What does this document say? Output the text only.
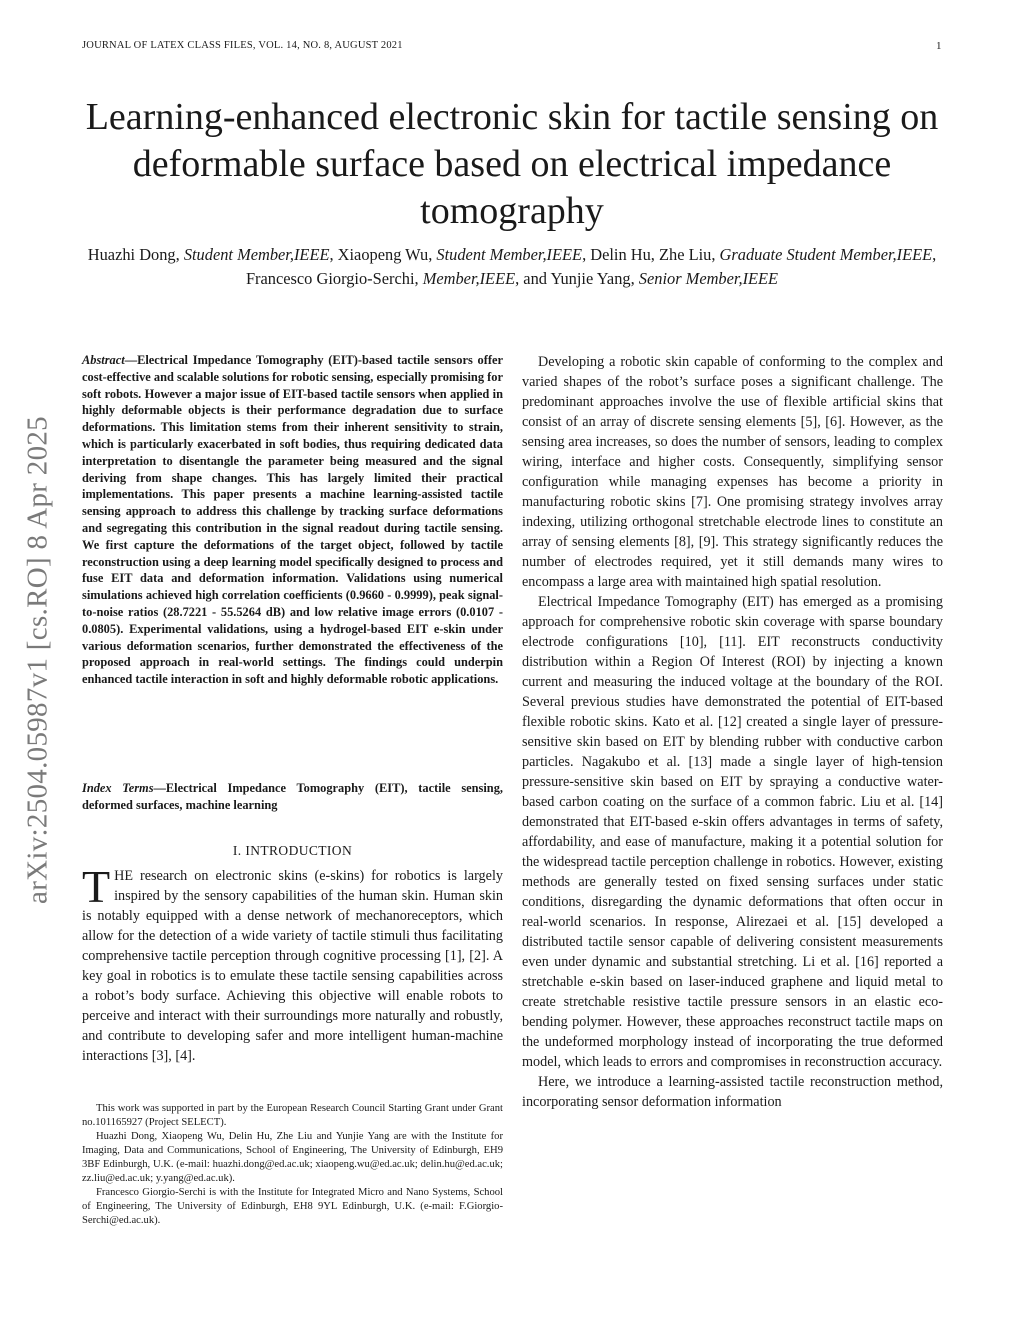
JOURNAL OF LATEX CLASS FILES, VOL. 14, NO. 8, AUGUST 2021	1
arXiv:2504.05987v1 [cs.RO] 8 Apr 2025
Learning-enhanced electronic skin for tactile sensing on deformable surface based on electrical impedance tomography
Huazhi Dong, Student Member,IEEE, Xiaopeng Wu, Student Member,IEEE, Delin Hu, Zhe Liu, Graduate Student Member,IEEE, Francesco Giorgio-Serchi, Member,IEEE, and Yunjie Yang, Senior Member,IEEE
Abstract—Electrical Impedance Tomography (EIT)-based tactile sensors offer cost-effective and scalable solutions for robotic sensing, especially promising for soft robots. However a major issue of EIT-based tactile sensors when applied in highly deformable objects is their performance degradation due to surface deformations. This limitation stems from their inherent sensitivity to strain, which is particularly exacerbated in soft bodies, thus requiring dedicated data interpretation to disentangle the parameter being measured and the signal deriving from shape changes. This has largely limited their practical implementations. This paper presents a machine learning-assisted tactile sensing approach to address this challenge by tracking surface deformations and segregating this contribution in the signal readout during tactile sensing. We first capture the deformations of the target object, followed by tactile reconstruction using a deep learning model specifically designed to process and fuse EIT data and deformation information. Validations using numerical simulations achieved high correlation coefficients (0.9660 - 0.9999), peak signal-to-noise ratios (28.7221 - 55.5264 dB) and low relative image errors (0.0107 - 0.0805). Experimental validations, using a hydrogel-based EIT e-skin under various deformation scenarios, further demonstrated the effectiveness of the proposed approach in real-world settings. The findings could underpin enhanced tactile interaction in soft and highly deformable robotic applications.
Index Terms—Electrical Impedance Tomography (EIT), tactile sensing, deformed surfaces, machine learning
I. INTRODUCTION

THE research on electronic skins (e-skins) for robotics is largely inspired by the sensory capabilities of the human skin. Human skin is notably equipped with a dense network of mechanoreceptors, which allow for the detection of a wide variety of tactile stimuli thus facilitating comprehensive tactile perception through cognitive processing [1], [2]. A key goal in robotics is to emulate these tactile sensing capabilities across a robot’s body surface. Achieving this objective will enable robots to perceive and interact with their surroundings more naturally and robustly, and contribute to developing safer and more intelligent human-machine interactions [3], [4].

This work was supported in part by the European Research Council Starting Grant under Grant no.101165927 (Project SELECT).

Huazhi Dong, Xiaopeng Wu, Delin Hu, Zhe Liu and Yunjie Yang are with the Institute for Imaging, Data and Communications, School of Engineering, The University of Edinburgh, EH9 3BF Edinburgh, U.K. (e-mail: huazhi.dong@ed.ac.uk; xiaopeng.wu@ed.ac.uk; delin.hu@ed.ac.uk; zz.liu@ed.ac.uk; y.yang@ed.ac.uk).

Francesco Giorgio-Serchi is with the Institute for Integrated Micro and Nano Systems, School of Engineering, The University of Edinburgh, EH8 9YL Edinburgh, U.K. (e-mail: F.Giorgio-Serchi@ed.ac.uk).

Developing a robotic skin capable of conforming to the complex and varied shapes of the robot’s surface poses a significant challenge. The predominant approaches involve the use of flexible artificial skins that consist of an array of discrete sensing elements [5], [6]. However, as the sensing area increases, so does the number of sensors, leading to complex wiring, interface and higher costs. Consequently, simplifying sensor configuration while managing expenses has become a priority in manufacturing robotic skins [7]. One promising strategy involves array indexing, utilizing orthogonal stretchable electrode lines to constitute an array of sensing elements [8], [9]. This strategy significantly reduces the number of electrodes required, yet it still demands many wires to encompass a large area with maintained high spatial resolution.

Electrical Impedance Tomography (EIT) has emerged as a promising approach for comprehensive robotic skin coverage with sparse boundary electrode configurations [10], [11]. EIT reconstructs conductivity distribution within a Region Of Interest (ROI) by injecting a known current and measuring the induced voltage at the boundary of the ROI. Several previous studies have demonstrated the potential of EIT-based flexible robotic skins. Kato et al. [12] created a single layer of pressure-sensitive skin based on EIT by blending rubber with conductive carbon particles. Nagakubo et al. [13] made a single layer of high-tension pressure-sensitive skin based on EIT by spraying a conductive water-based carbon coating on the surface of a common fabric. Liu et al. [14] demonstrated that EIT-based e-skin offers advantages in terms of safety, affordability, and ease of manufacture, making it a potential solution for the widespread tactile perception challenge in robotics. However, existing methods are generally tested on fixed sensing surfaces under static conditions, disregarding the dynamic deformations that often occur in real-world scenarios. In response, Alirezaei et al. [15] developed a distributed tactile sensor capable of delivering consistent measurements even under dynamic and substantial stretching. Li et al. [16] reported a stretchable e-skin based on laser-induced graphene and liquid metal to create stretchable resistive tactile pressure sensors in an elastic eco-bending polymer. However, these approaches reconstruct tactile maps on the undeformed morphology instead of incorporating the true deformed model, which leads to errors and compromises in reconstruction accuracy.

Here, we introduce a learning-assisted tactile reconstruction method, incorporating sensor deformation information
